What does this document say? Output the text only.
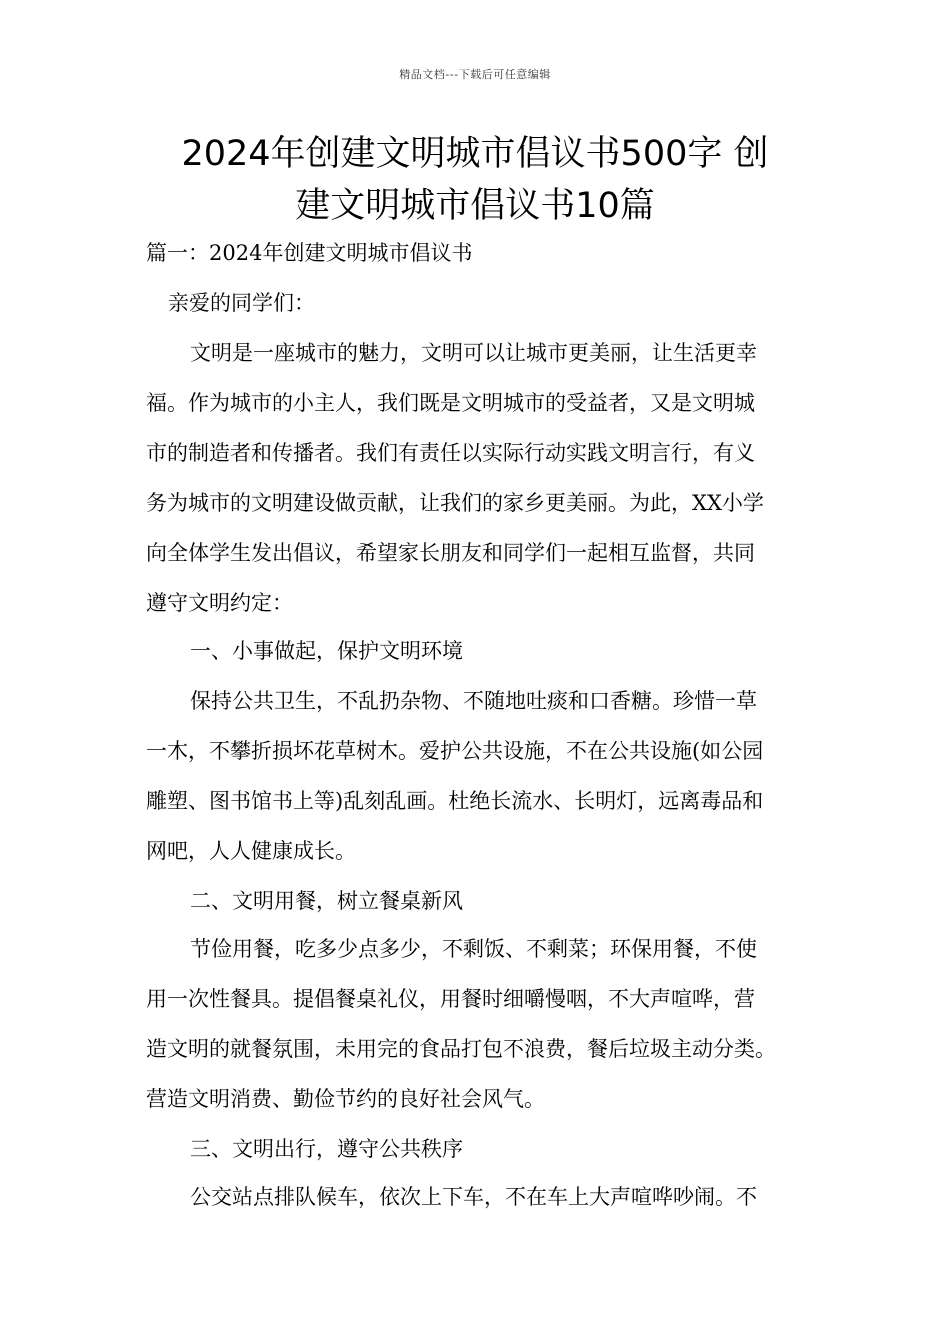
精品文档---下载后可任意编辑
2024年创建文明城市倡议书500字 创
建文明城市倡议书10篇
篇一：2024年创建文明城市倡议书
亲爱的同学们：
文明是一座城市的魅力，文明可以让城市更美丽，让生活更幸
福。作为城市的小主人，我们既是文明城市的受益者，又是文明城
市的制造者和传播者。我们有责任以实际行动实践文明言行，有义
务为城市的文明建设做贡献，让我们的家乡更美丽。为此，XX小学
向全体学生发出倡议，希望家长朋友和同学们一起相互监督，共同
遵守文明约定：
一、小事做起，保护文明环境
保持公共卫生，不乱扔杂物、不随地吐痰和口香糖。珍惜一草
一木，不攀折损坏花草树木。爱护公共设施，不在公共设施(如公园
雕塑、图书馆书上等)乱刻乱画。杜绝长流水、长明灯，远离毒品和
网吧，人人健康成长。
二、文明用餐，树立餐桌新风
节俭用餐，吃多少点多少，不剩饭、不剩菜；环保用餐，不使
用一次性餐具。提倡餐桌礼仪，用餐时细嚼慢咽，不大声喧哗，营
造文明的就餐氛围，未用完的食品打包不浪费，餐后垃圾主动分类。
营造文明消费、勤俭节约的良好社会风气。
三、文明出行，遵守公共秩序
公交站点排队候车，依次上下车，不在车上大声喧哗吵闹。不
